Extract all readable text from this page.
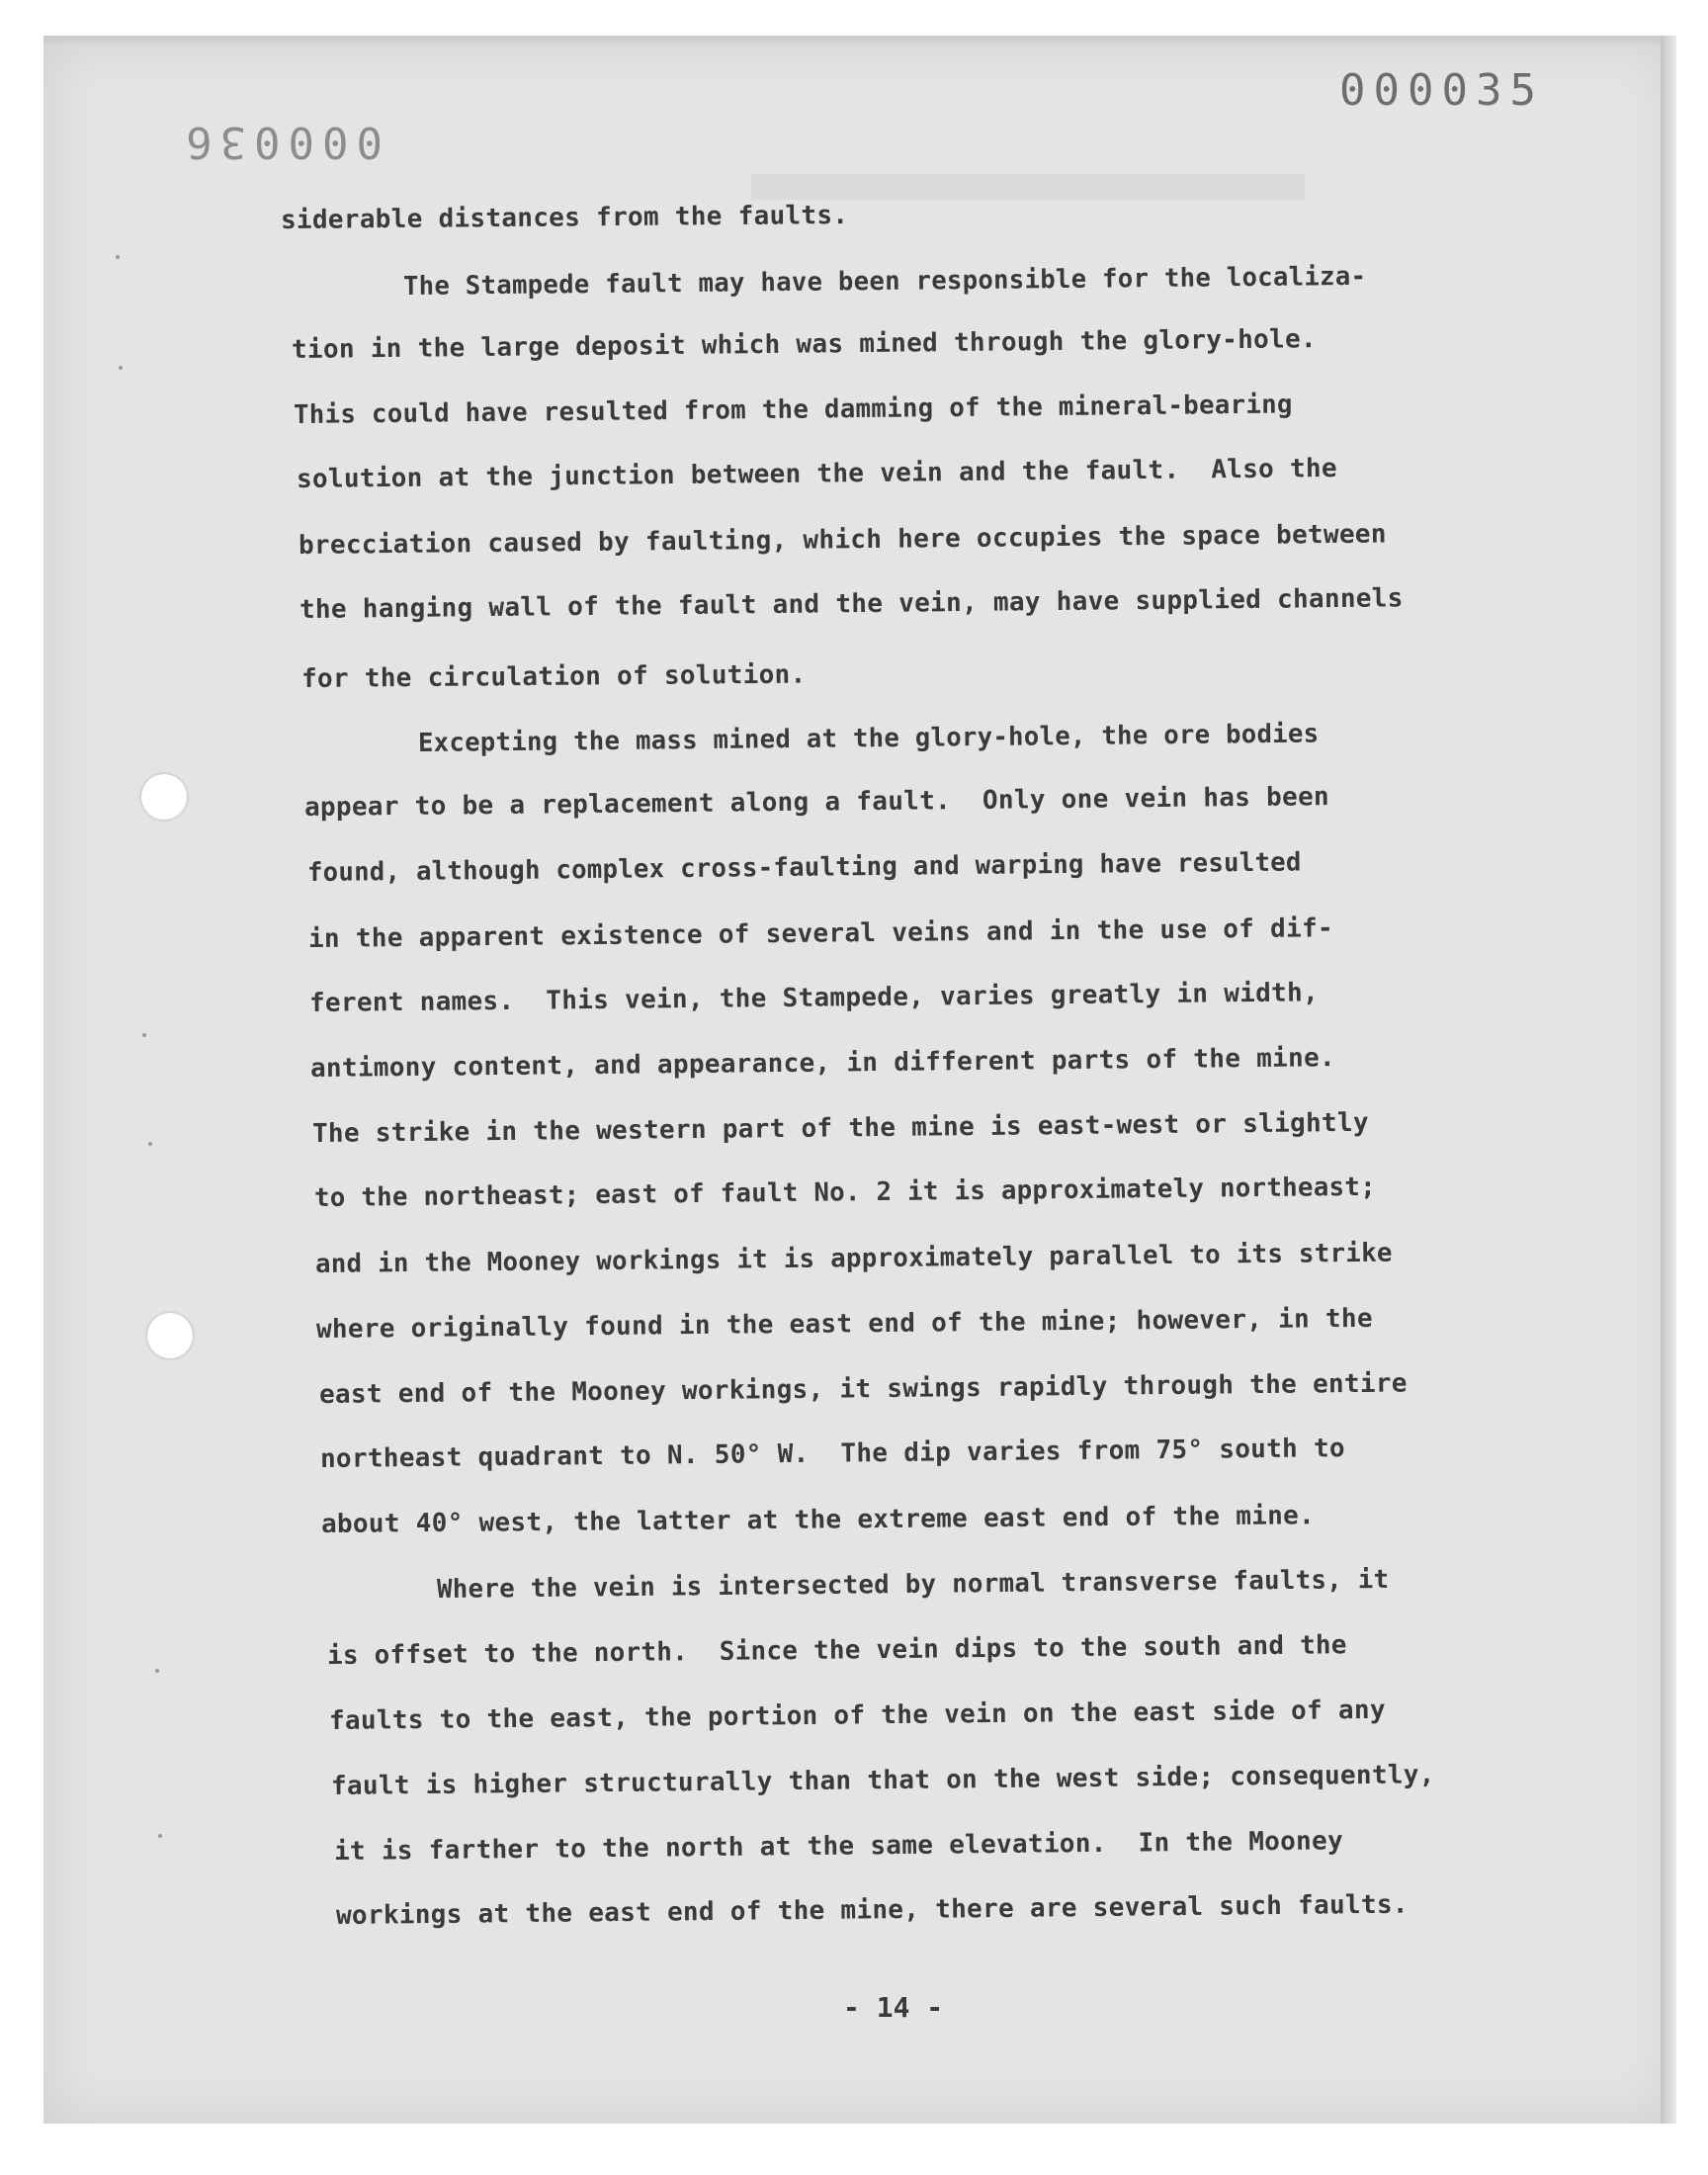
000035
000036
siderable distances from the faults.
The Stampede fault may have been responsible for the localiza-
tion in the large deposit which was mined through the glory-hole.
This could have resulted from the damming of the mineral-bearing
solution at the junction between the vein and the fault.  Also the
brecciation caused by faulting, which here occupies the space between
the hanging wall of the fault and the vein, may have supplied channels
for the circulation of solution.
Excepting the mass mined at the glory-hole, the ore bodies
appear to be a replacement along a fault.  Only one vein has been
found, although complex cross-faulting and warping have resulted
in the apparent existence of several veins and in the use of dif-
ferent names.  This vein, the Stampede, varies greatly in width,
antimony content, and appearance, in different parts of the mine.
The strike in the western part of the mine is east-west or slightly
to the northeast; east of fault No. 2 it is approximately northeast;
and in the Mooney workings it is approximately parallel to its strike
where originally found in the east end of the mine; however, in the
east end of the Mooney workings, it swings rapidly through the entire
northeast quadrant to N. 50° W.  The dip varies from 75° south to
about 40° west, the latter at the extreme east end of the mine.
Where the vein is intersected by normal transverse faults, it
is offset to the north.  Since the vein dips to the south and the
faults to the east, the portion of the vein on the east side of any
fault is higher structurally than that on the west side; consequently,
it is farther to the north at the same elevation.  In the Mooney
workings at the east end of the mine, there are several such faults.
- 14 -
